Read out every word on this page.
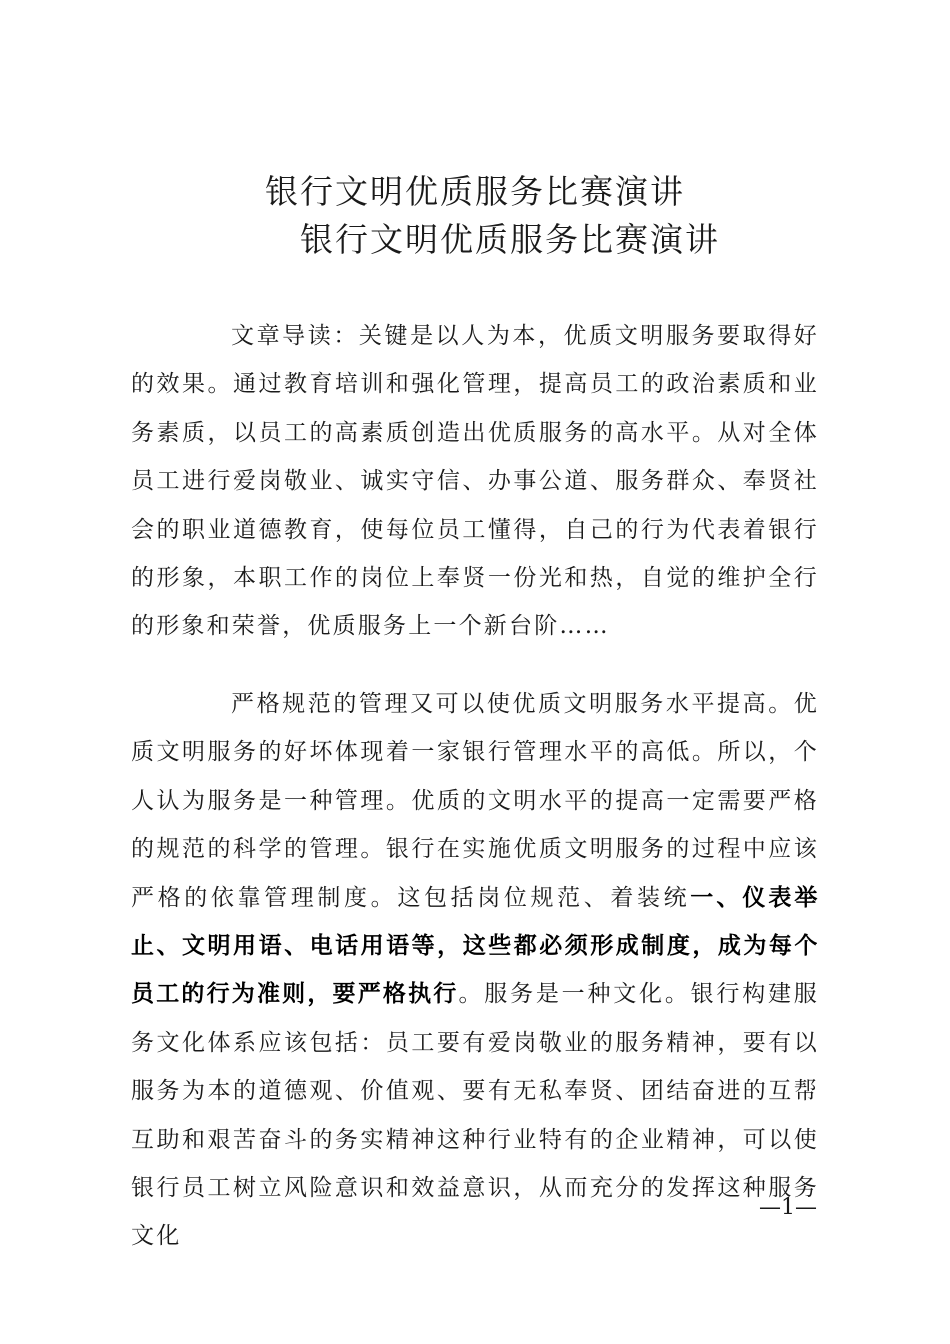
银行文明优质服务比赛演讲
银行文明优质服务比赛演讲

文章导读：关键是以人为本，优质文明服务要取得好的效果。通过教育培训和强化管理，提高员工的政治素质和业务素质，以员工的高素质创造出优质服务的高水平。从对全体员工进行爱岗敬业、诚实守信、办事公道、服务群众、奉贤社会的职业道德教育，使每位员工懂得，自己的行为代表着银行的形象，本职工作的岗位上奉贤一份光和热，自觉的维护全行的形象和荣誉，优质服务上一个新台阶……

严格规范的管理又可以使优质文明服务水平提高。优质文明服务的好坏体现着一家银行管理水平的高低。所以，个人认为服务是一种管理。优质的文明水平的提高一定需要严格的规范的科学的管理。银行在实施优质文明服务的过程中应该严格的依靠管理制度。这包括岗位规范、着装统一、仪表举止、文明用语、电话用语等，这些都必须形成制度，成为每个员工的行为准则，要严格执行。服务是一种文化。银行构建服务文化体系应该包括：员工要有爱岗敬业的服务精神，要有以服务为本的道德观、价值观、要有无私奉贤、团结奋进的互帮互助和艰苦奋斗的务实精神这种行业特有的企业精神，可以使银行员工树立风险意识和效益意识，从而充分的发挥这种服务文化

—1—
